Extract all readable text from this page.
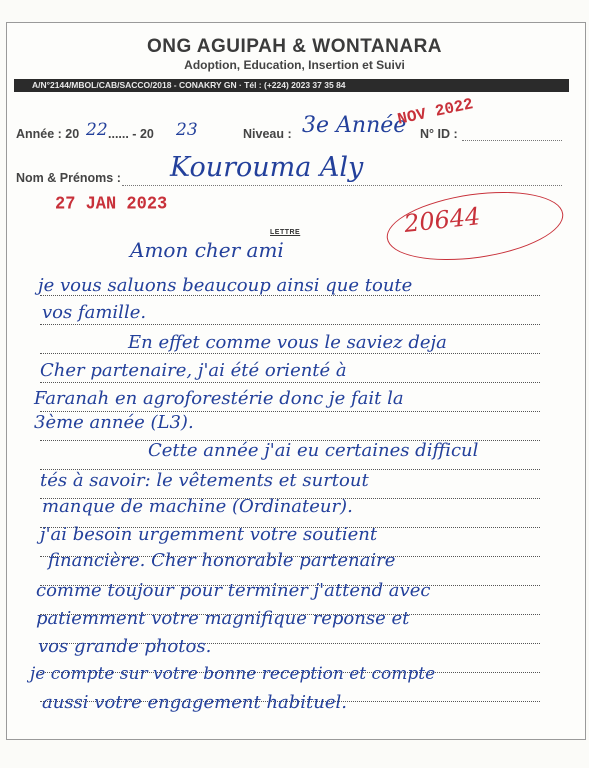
ONG AGUIPAH & WONTANARA
Adoption, Education, Insertion et Suivi
A/N°2144/MBOL/CAB/SACCO/2018 - CONAKRY GN · Tél : (+224) 2023 37 35 84
Année : 20 22 ...... - 20 23	Niveau : 3e Année N° ID :
Nom & Prénoms : Kourouma Aly
27 JAN 2023
NOV 2022
20644
LETTRE
Amon cher ami
je vous saluons beaucoup ainsi que toute
vos famille.
En effet comme vous le saviez deja
Cher partenaire, j'ai été orienté à
Faranah en agroforestérie donc je fait la
3ème année (L3).
Cette année j'ai eu certaines difficul
tés à savoir: le vêtements et surtout
manque de machine (Ordinateur).
j'ai besoin urgemment votre soutient
financière. Cher honorable partenaire
comme toujour pour terminer j'attend avec
patiemment votre magnifique reponse et
vos grande photos.
je compte sur votre bonne reception et compte
aussi votre engagement habituel.
